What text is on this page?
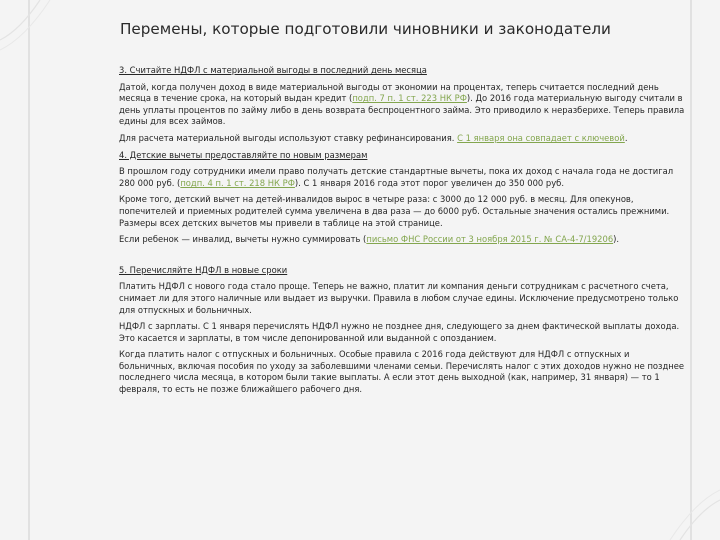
Перемены, которые подготовили чиновники и законодатели

3. Считайте НДФЛ с материальной выгоды в последний день месяца

Датой, когда получен доход в виде материальной выгоды от экономии на процентах, теперь считается последний день месяца в течение срока, на который выдан кредит (подп. 7 п. 1 ст. 223 НК РФ). До 2016 года материальную выгоду считали в день уплаты процентов по займу либо в день возврата беспроцентного займа. Это приводило к неразберихе. Теперь правила едины для всех займов.

Для расчета материальной выгоды используют ставку рефинансирования. С 1 января она совпадает с ключевой.

4. Детские вычеты предоставляйте по новым размерам

В прошлом году сотрудники имели право получать детские стандартные вычеты, пока их доход с начала года не достигал 280 000 руб. (подп. 4 п. 1 ст. 218 НК РФ). С 1 января 2016 года этот порог увеличен до 350 000 руб.

Кроме того, детский вычет на детей-инвалидов вырос в четыре раза: с 3000 до 12 000 руб. в месяц. Для опекунов, попечителей и приемных родителей сумма увеличена в два раза — до 6000 руб. Остальные значения остались прежними. Размеры всех детских вычетов мы привели в таблице на этой странице.

Если ребенок — инвалид, вычеты нужно суммировать (письмо ФНС России от 3 ноября 2015 г. № СА-4-7/19206).

5. Перечисляйте НДФЛ в новые сроки

Платить НДФЛ с нового года стало проще. Теперь не важно, платит ли компания деньги сотрудникам с расчетного счета, снимает ли для этого наличные или выдает из выручки. Правила в любом случае едины. Исключение предусмотрено только для отпускных и больничных.

НДФЛ с зарплаты. С 1 января перечислять НДФЛ нужно не позднее дня, следующего за днем фактической выплаты дохода. Это касается и зарплаты, в том числе депонированной или выданной с опозданием.

Когда платить налог с отпускных и больничных. Особые правила с 2016 года действуют для НДФЛ с отпускных и больничных, включая пособия по уходу за заболевшими членами семьи. Перечислять налог с этих доходов нужно не позднее последнего числа месяца, в котором были такие выплаты. А если этот день выходной (как, например, 31 января) — то 1 февраля, то есть не позже ближайшего рабочего дня.
